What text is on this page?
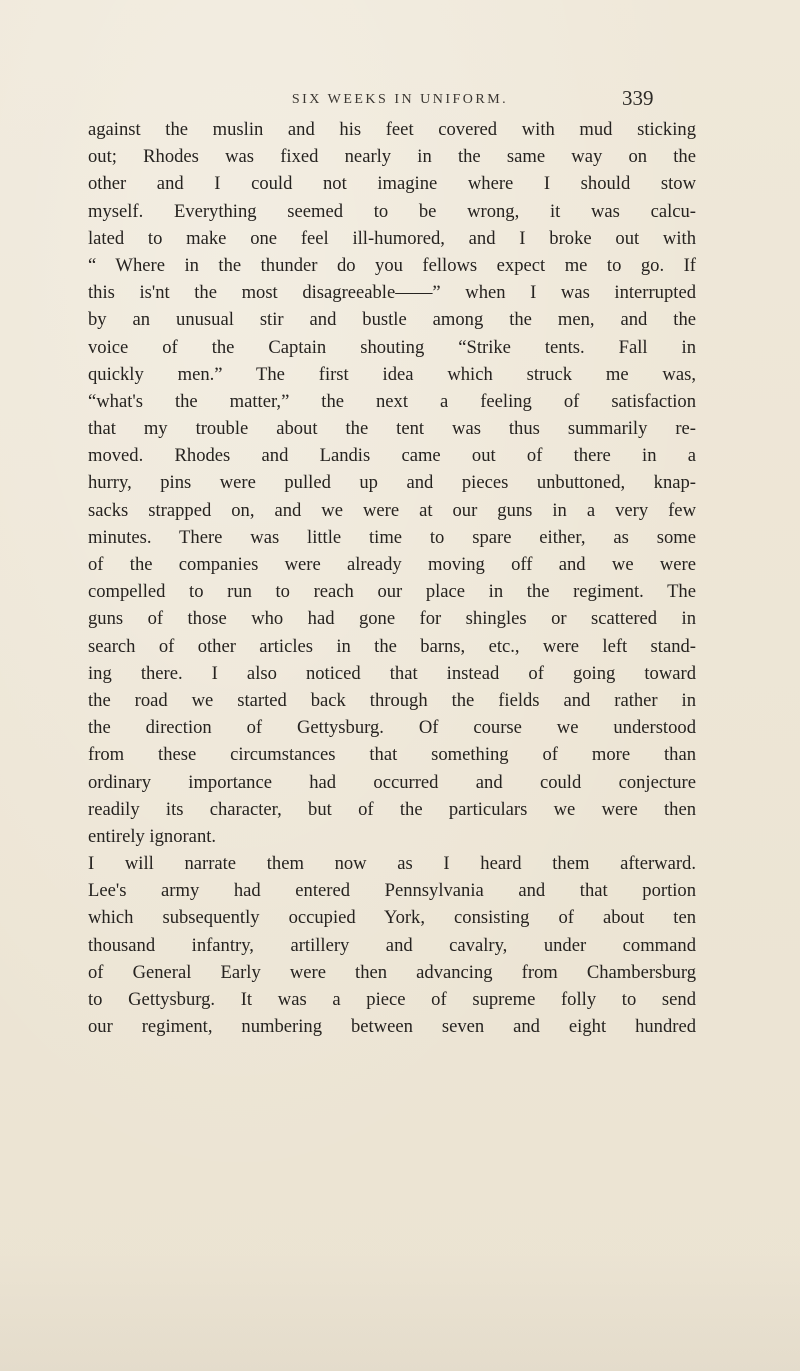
SIX WEEKS IN UNIFORM.	339
against the muslin and his feet covered with mud sticking
out; Rhodes was fixed nearly in the same way on the
other and I could not imagine where I should stow
myself. Everything seemed to be wrong, it was calcu-
lated to make one feel ill-humored, and I broke out with
“ Where in the thunder do you fellows expect me to go. If
this is'nt the most disagreeable——” when I was interrupted
by an unusual stir and bustle among the men, and the
voice of the Captain shouting “Strike tents. Fall in
quickly men.” The first idea which struck me was,
“what's the matter,” the next a feeling of satisfaction
that my trouble about the tent was thus summarily re-
moved. Rhodes and Landis came out of there in a
hurry, pins were pulled up and pieces unbuttoned, knap-
sacks strapped on, and we were at our guns in a very few
minutes. There was little time to spare either, as some
of the companies were already moving off and we were
compelled to run to reach our place in the regiment. The
guns of those who had gone for shingles or scattered in
search of other articles in the barns, etc., were left stand-
ing there. I also noticed that instead of going toward
the road we started back through the fields and rather in
the direction of Gettysburg. Of course we understood
from these circumstances that something of more than
ordinary importance had occurred and could conjecture
readily its character, but of the particulars we were then
entirely ignorant.
I will narrate them now as I heard them afterward.
Lee's army had entered Pennsylvania and that portion
which subsequently occupied York, consisting of about ten
thousand infantry, artillery and cavalry, under command
of General Early were then advancing from Chambersburg
to Gettysburg. It was a piece of supreme folly to send
our regiment, numbering between seven and eight hundred
